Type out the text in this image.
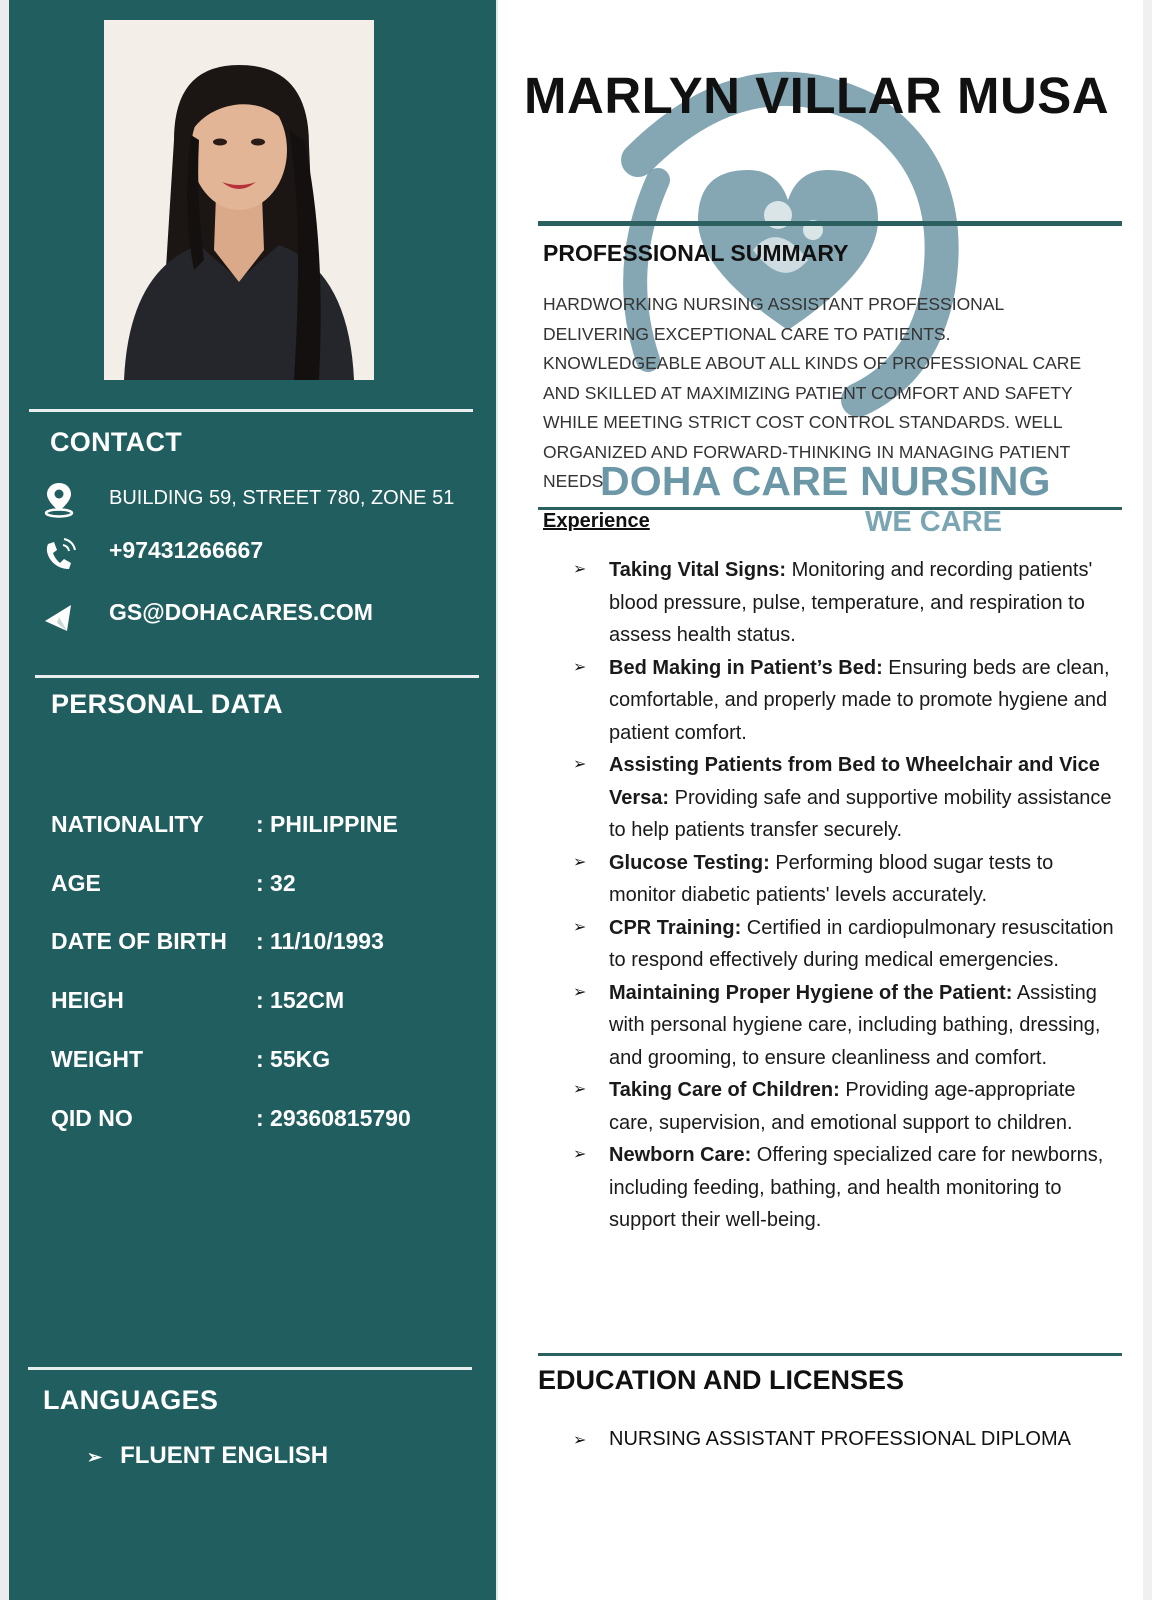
CONTACT
BUILDING 59, STREET 780, ZONE 51
+97431266667
GS@DOHACARES.COM
PERSONAL DATA
NATIONALITY : PHILIPPINE
AGE	: 32
DATE OF BIRTH : 11/10/1993
HEIGH	: 152CM
WEIGHT	: 55KG
QID NO	: 29360815790
LANGUAGES
➢ FLUENT ENGLISH
MARLYN VILLAR MUSA
PROFESSIONAL SUMMARY
HARDWORKING NURSING ASSISTANT PROFESSIONAL DELIVERING EXCEPTIONAL CARE TO PATIENTS. KNOWLEDGEABLE ABOUT ALL KINDS OF PROFESSIONAL CARE AND SKILLED AT MAXIMIZING PATIENT COMFORT AND SAFETY WHILE MEETING STRICT COST CONTROL STANDARDS. WELL ORGANIZED AND FORWARD-THINKING IN MANAGING PATIENT NEEDS.
DOHA CARE NURSING
WE CARE
Experience
➢ Taking Vital Signs: Monitoring and recording patients' blood pressure, pulse, temperature, and respiration to assess health status.
➢ Bed Making in Patient’s Bed: Ensuring beds are clean, comfortable, and properly made to promote hygiene and patient comfort.
➢ Assisting Patients from Bed to Wheelchair and Vice Versa: Providing safe and supportive mobility assistance to help patients transfer securely.
➢ Glucose Testing: Performing blood sugar tests to monitor diabetic patients' levels accurately.
➢ CPR Training: Certified in cardiopulmonary resuscitation to respond effectively during medical emergencies.
➢ Maintaining Proper Hygiene of the Patient: Assisting with personal hygiene care, including bathing, dressing, and grooming, to ensure cleanliness and comfort.
➢ Taking Care of Children: Providing age-appropriate care, supervision, and emotional support to children.
➢ Newborn Care: Offering specialized care for newborns, including feeding, bathing, and health monitoring to support their well-being.
EDUCATION AND LICENSES
➢ NURSING ASSISTANT PROFESSIONAL DIPLOMA
